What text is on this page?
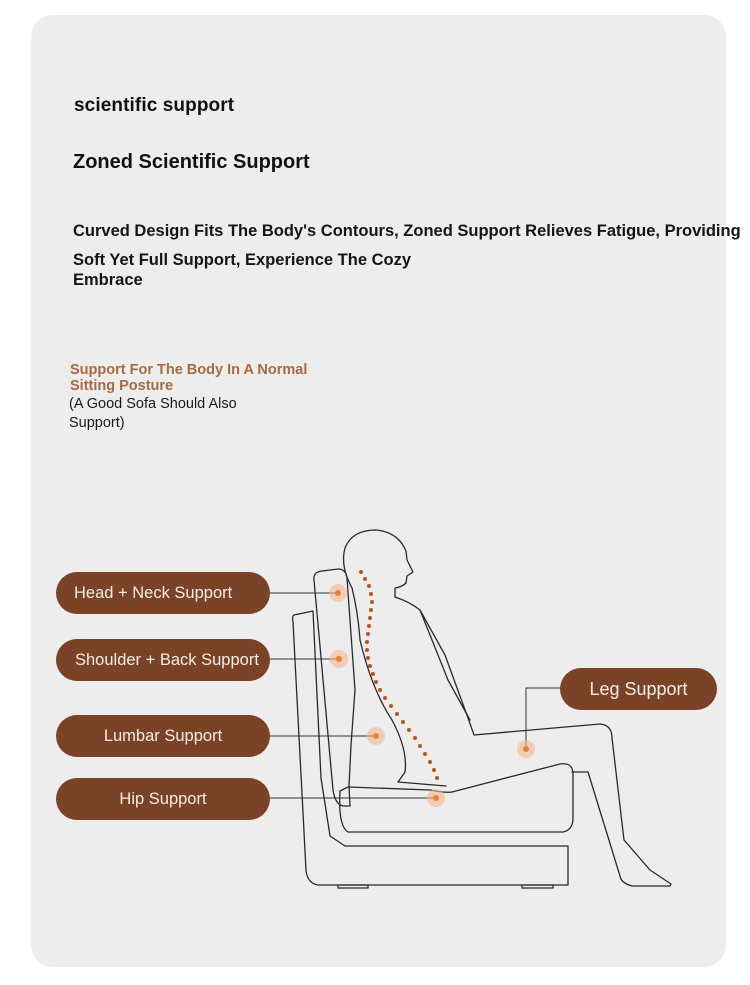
scientific support
Zoned Scientific Support
Curved Design Fits The Body's Contours, Zoned Support Relieves Fatigue, Providing
Soft Yet Full Support, Experience The Cozy
Embrace
Support For The Body In A Normal Sitting Posture
(A Good Sofa Should Also Support)
Head + Neck Support
Shoulder + Back Support
Lumbar Support
Hip Support
Leg Support
